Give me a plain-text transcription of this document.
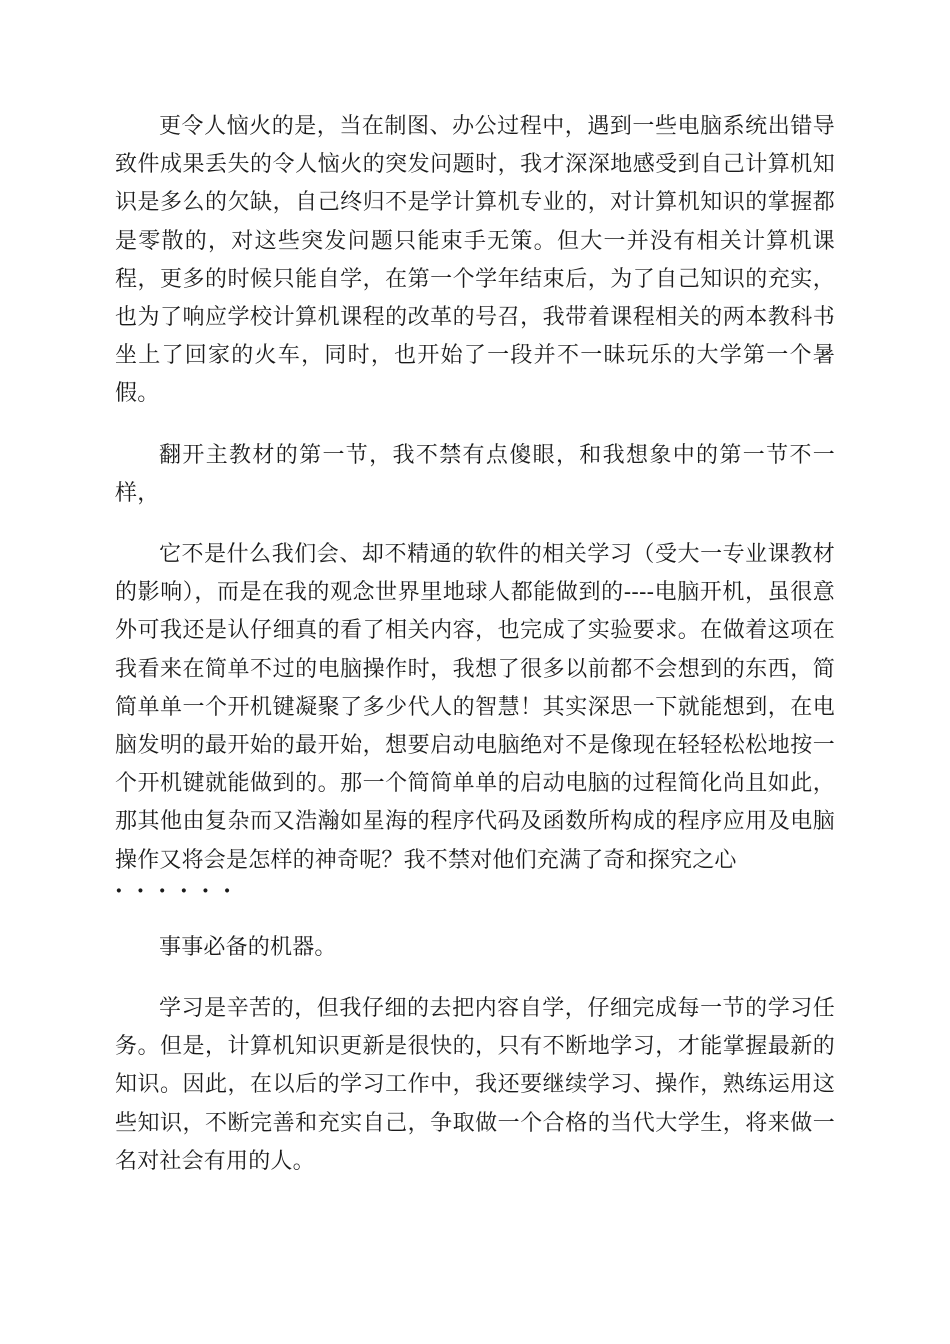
更令人恼火的是，当在制图、办公过程中，遇到一些电脑系统出错导致件成果丢失的令人恼火的突发问题时，我才深深地感受到自己计算机知识是多么的欠缺，自己终归不是学计算机专业的，对计算机知识的掌握都是零散的，对这些突发问题只能束手无策。但大一并没有相关计算机课程，更多的时候只能自学，在第一个学年结束后，为了自己知识的充实，也为了响应学校计算机课程的改革的号召，我带着课程相关的两本教科书坐上了回家的火车，同时，也开始了一段并不一昧玩乐的大学第一个暑假。

翻开主教材的第一节，我不禁有点傻眼，和我想象中的第一节不一样，

它不是什么我们会、却不精通的软件的相关学习（受大一专业课教材的影响），而是在我的观念世界里地球人都能做到的----电脑开机，虽很意外可我还是认仔细真的看了相关内容，也完成了实验要求。在做着这项在我看来在简单不过的电脑操作时，我想了很多以前都不会想到的东西，简简单单一个开机键凝聚了多少代人的智慧！其实深思一下就能想到，在电脑发明的最开始的最开始，想要启动电脑绝对不是像现在轻轻松松地按一个开机键就能做到的。那一个简简单单的启动电脑的过程简化尚且如此，那其他由复杂而又浩瀚如星海的程序代码及函数所构成的程序应用及电脑操作又将会是怎样的神奇呢？我不禁对他们充满了奇和探究之心
······

事事必备的机器。

学习是辛苦的，但我仔细的去把内容自学，仔细完成每一节的学习任务。但是，计算机知识更新是很快的，只有不断地学习，才能掌握最新的知识。因此，在以后的学习工作中，我还要继续学习、操作，熟练运用这些知识，不断完善和充实自己，争取做一个合格的当代大学生，将来做一名对社会有用的人。
